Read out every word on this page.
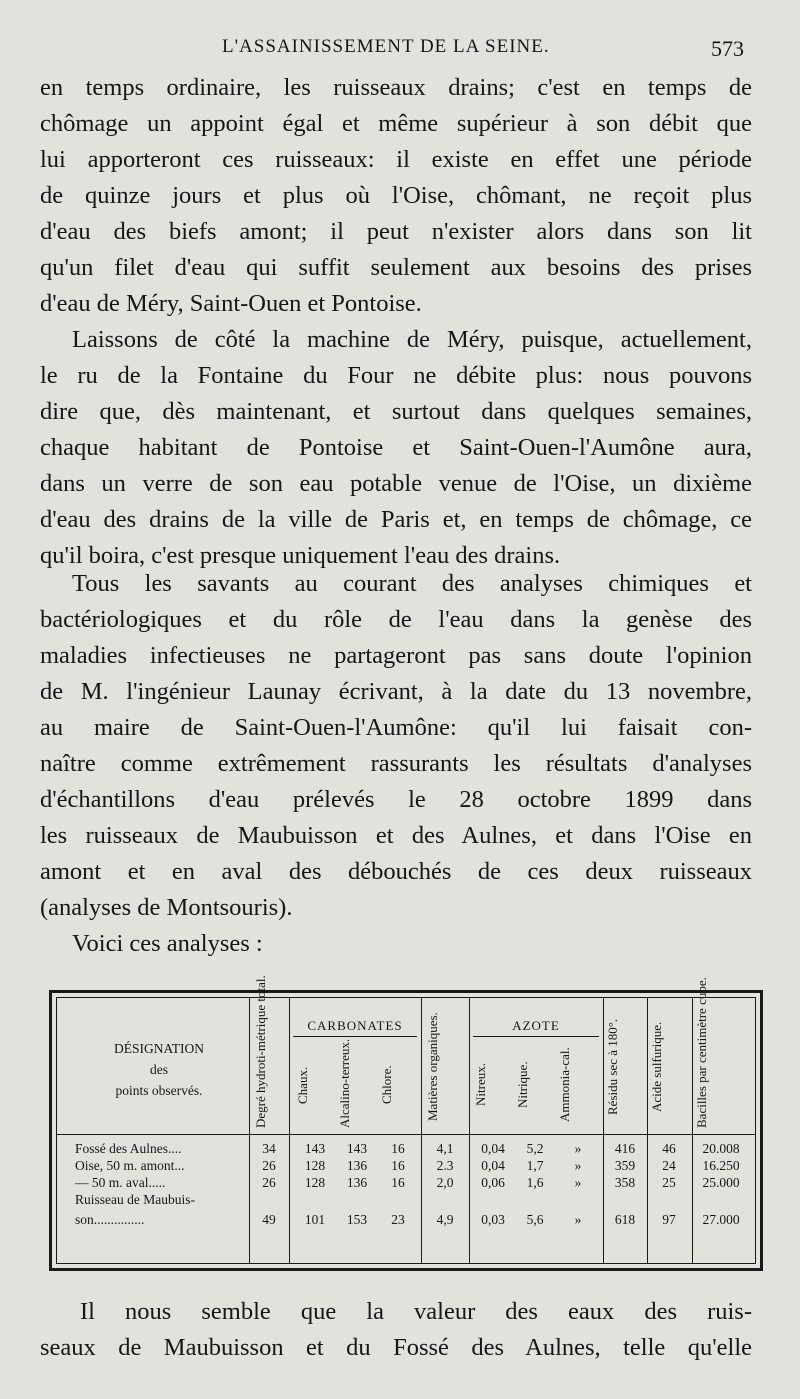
L'ASSAINISSEMENT DE LA SEINE.	573
en temps ordinaire, les ruisseaux drains; c'est en temps de
chômage un appoint égal et même supérieur à son débit que
lui apporteront ces ruisseaux: il existe en effet une période
de quinze jours et plus où l'Oise, chômant, ne reçoit plus
d'eau des biefs amont; il peut n'exister alors dans son lit
qu'un filet d'eau qui suffit seulement aux besoins des prises
d'eau de Méry, Saint-Ouen et Pontoise.
Laissons de côté la machine de Méry, puisque, actuellement,
le ru de la Fontaine du Four ne débite plus: nous pouvons
dire que, dès maintenant, et surtout dans quelques semaines,
chaque habitant de Pontoise et Saint-Ouen-l'Aumône aura,
dans un verre de son eau potable venue de l'Oise, un dixième
d'eau des drains de la ville de Paris et, en temps de chômage, ce
qu'il boira, c'est presque uniquement l'eau des drains.
Tous les savants au courant des analyses chimiques et
bactériologiques et du rôle de l'eau dans la genèse des
maladies infectieuses ne partageront pas sans doute l'opinion
de M. l'ingénieur Launay écrivant, à la date du 13 novembre,
au maire de Saint-Ouen-l'Aumône: qu'il lui faisait con-
naître comme extrêmement rassurants les résultats d'analyses
d'échantillons d'eau prélevés le 28 octobre 1899 dans
les ruisseaux de Maubuisson et des Aulnes, et dans l'Oise en
amont et en aval des débouchés de ces deux ruisseaux
(analyses de Montsouris).
Voici ces analyses :
DÉSIGNATION
des
points observés.
CARBONATES	AZOTE
Degré hydroti-métrique total.	Chaux.	Alcalino-terreux.	Chlore.	Matières organiques.	Nitreux.	Nitrique.	Ammonia-cal.	Résidu sec à 180°.	Acide sulfurique.	Bacilles par centimètre cube.
Fossé des Aulnes....	34	143	143	16	4,1	0,04	5,2	»	416	46	20.008
Oise, 50 m. amont...	26	128	136	16	2.3	0,04	1,7	»	359	24	16.250
— 50 m. aval.....	26	128	136	16	2,0	0,06	1,6	»	358	25	25.000
Ruisseau de Maubuis-
son...............	49	101	153	23	4,9	0,03	5,6	»	618	97	27.000
Il nous semble que la valeur des eaux des ruis-
seaux de Maubuisson et du Fossé des Aulnes, telle qu'elle
